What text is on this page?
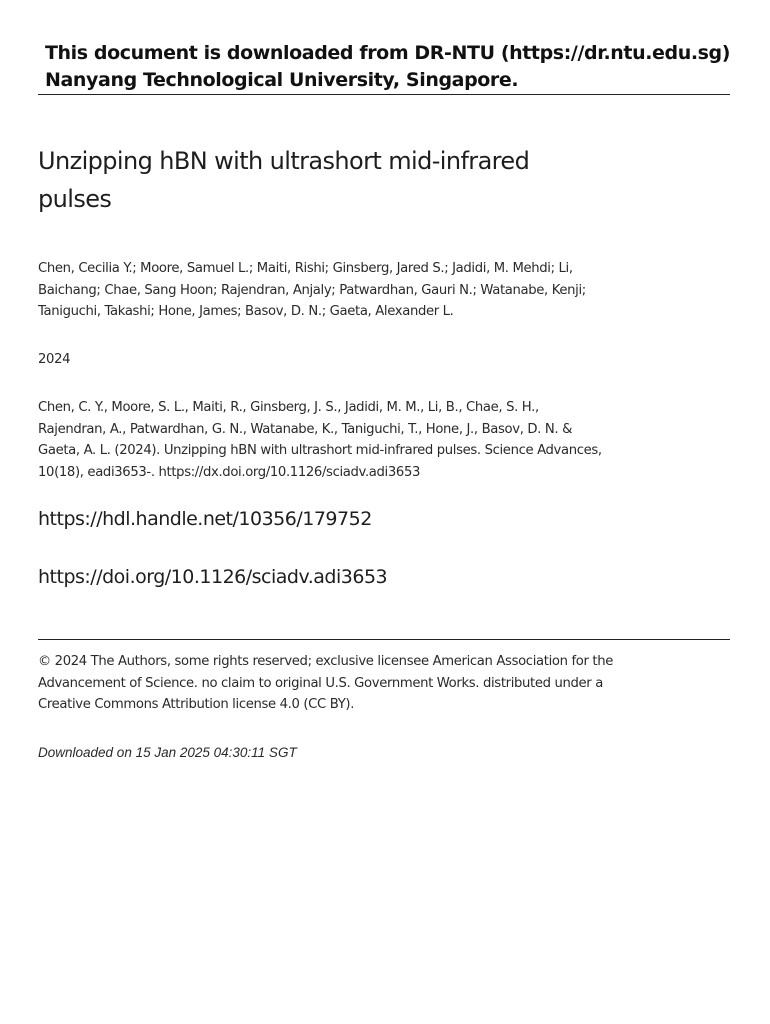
This document is downloaded from DR-NTU (https://dr.ntu.edu.sg)
Nanyang Technological University, Singapore.
Unzipping hBN with ultrashort mid-infrared
pulses

Chen, Cecilia Y.; Moore, Samuel L.; Maiti, Rishi; Ginsberg, Jared S.; Jadidi, M. Mehdi; Li,
Baichang; Chae, Sang Hoon; Rajendran, Anjaly; Patwardhan, Gauri N.; Watanabe, Kenji;
Taniguchi, Takashi; Hone, James; Basov, D. N.; Gaeta, Alexander L.

2024

Chen, C. Y., Moore, S. L., Maiti, R., Ginsberg, J. S., Jadidi, M. M., Li, B., Chae, S. H.,
Rajendran, A., Patwardhan, G. N., Watanabe, K., Taniguchi, T., Hone, J., Basov, D. N. &
Gaeta, A. L. (2024). Unzipping hBN with ultrashort mid-infrared pulses. Science Advances,
10(18), eadi3653-. https://dx.doi.org/10.1126/sciadv.adi3653

https://hdl.handle.net/10356/179752
https://doi.org/10.1126/sciadv.adi3653

© 2024 The Authors, some rights reserved; exclusive licensee American Association for the
Advancement of Science. no claim to original U.S. Government Works. distributed under a
Creative Commons Attribution license 4.0 (CC BY).

Downloaded on 15 Jan 2025 04:30:11 SGT
